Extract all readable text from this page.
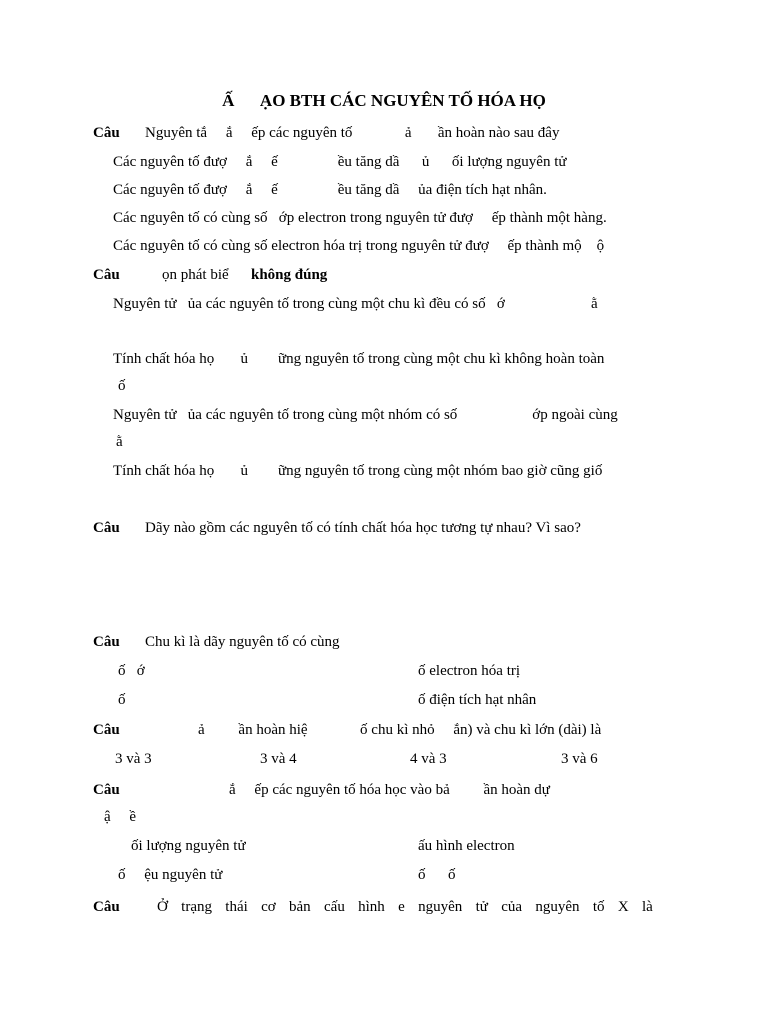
Ấ      ẠO BTH CÁC NGUYÊN TỐ HÓA HỌ
Câu Nguyên tắ     ắ     ếp các nguyên tố              ả       ần hoàn nào sau đây
Các nguyên tố đượ     ắ     ế                ều tăng dầ      ủ      ối lượng nguyên tử
Các nguyên tố đượ     ắ     ế                ều tăng dầ     ủa điện tích hạt nhân.
Các nguyên tố có cùng số   ớp electron trong nguyên tử đượ     ếp thành một hàng.
Các nguyên tố có cùng số electron hóa trị trong nguyên tử đượ     ếp thành mộ    ộ
Câu	ọn phát biể không đúng
Nguyên tử   ủa các nguyên tố trong cùng một chu kì đều có số   ớ                       ằ
Tính chất hóa họ       ủ        ững nguyên tố trong cùng một chu kì không hoàn toàn
ố
Nguyên tử   ủa các nguyên tố trong cùng một nhóm có số                    ớp ngoài cùng
ằ
Tính chất hóa họ       ủ        ững nguyên tố trong cùng một nhóm bao giờ cũng giố
Câu Dãy nào gồm các nguyên tố có tính chất hóa học tương tự nhau? Vì sao?
Câu Chu kì là dãy nguyên tố có cùng
ố   ớ	ố electron hóa trị
ố	ố điện tích hạt nhân
Câu	ả         ần hoàn hiệ              ố chu kì nhỏ     ắn) và chu kì lớn (dài) là
3 và 3	3 và 4	4 và 3	3 và 6
Câu	ắ     ếp các nguyên tố hóa học vào bả         ần hoàn dự
ậ     ề
ối lượng nguyên tử	ấu hình electron
ố     ệu nguyên tử	ố      ố
Câu Ở trạng thái cơ bản cấu hình e nguyên tử của nguyên tố X là
